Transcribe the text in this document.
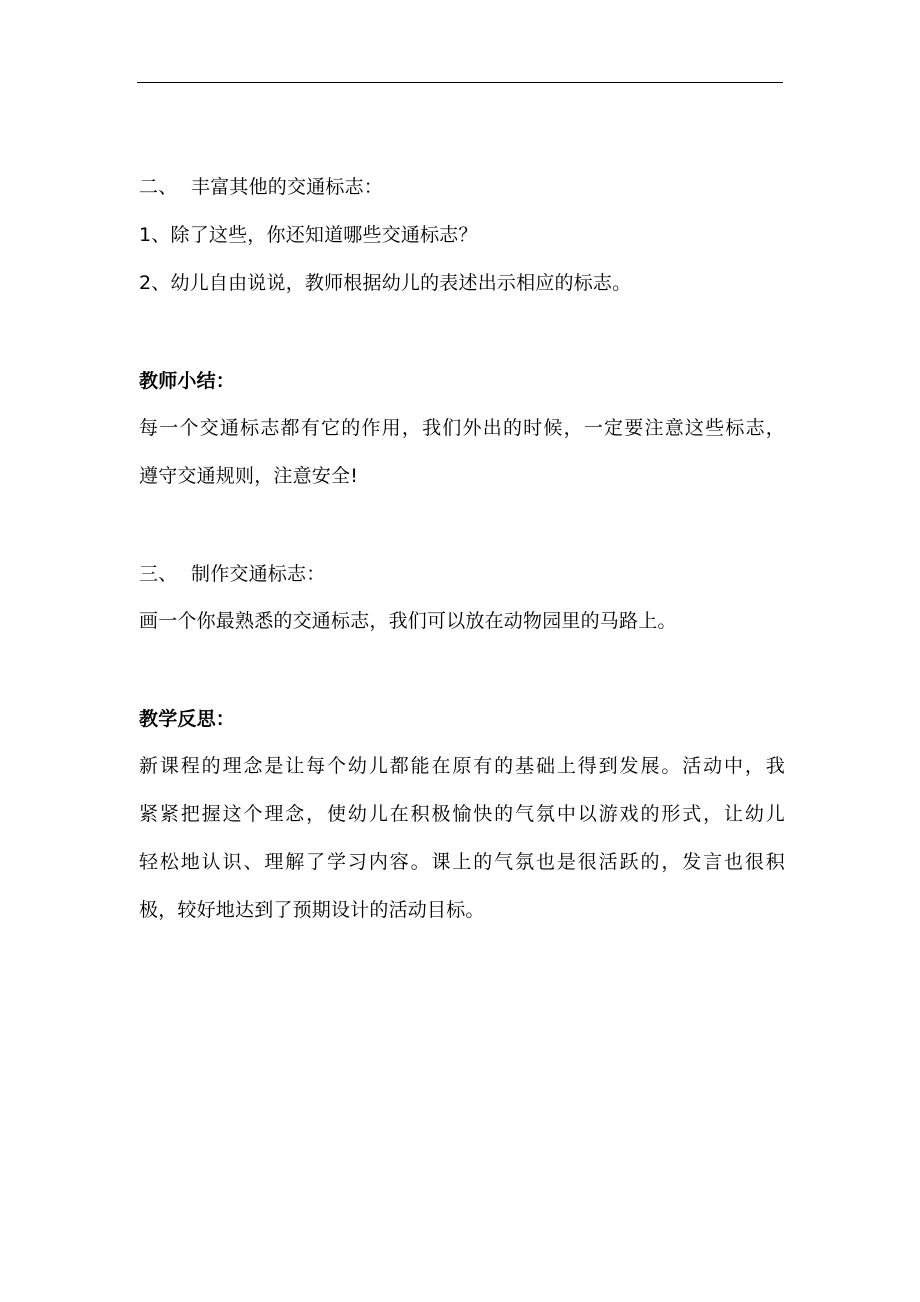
二、 丰富其他的交通标志：
1、除了这些，你还知道哪些交通标志？
2、幼儿自由说说，教师根据幼儿的表述出示相应的标志。
教师小结：
每一个交通标志都有它的作用，我们外出的时候，一定要注意这些标志，
遵守交通规则，注意安全!
三、 制作交通标志：
画一个你最熟悉的交通标志，我们可以放在动物园里的马路上。
教学反思：
新课程的理念是让每个幼儿都能在原有的基础上得到发展。活动中，我
紧紧把握这个理念，使幼儿在积极愉快的气氛中以游戏的形式，让幼儿
轻松地认识、理解了学习内容。课上的气氛也是很活跃的，发言也很积
极，较好地达到了预期设计的活动目标。
